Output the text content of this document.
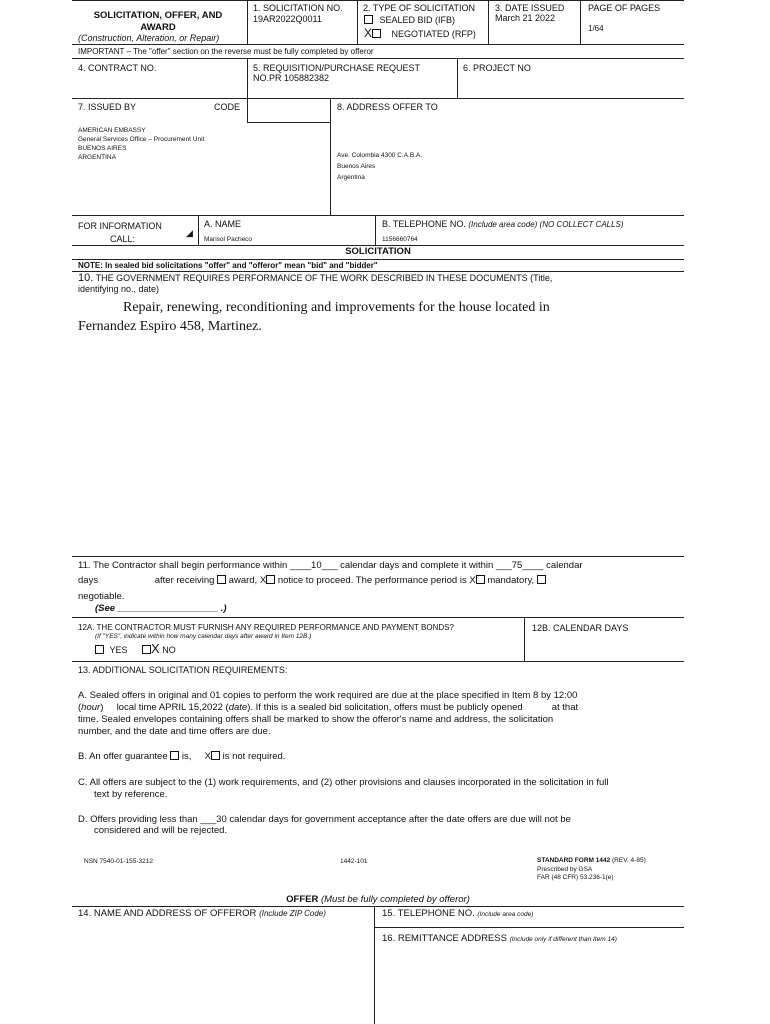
SOLICITATION, OFFER, AND
AWARD
(Construction, Alteration, or Repair)
1. SOLICITATION NO.
19AR2022Q0011
2. TYPE OF SOLICITATION
SEALED BID (IFB)
X NEGOTIATED (RFP)
3. DATE ISSUED
March 21 2022
PAGE OF PAGES
1/64
IMPORTANT – The "offer" section on the reverse must be fully completed by offeror
4. CONTRACT NO.	5. REQUISITION/PURCHASE REQUEST
NO.PR 105882382
6. PROJECT NO
7. ISSUED BY	CODE
AMERICAN EMBASSY
General Services Office – Procurement Unit
BUENOS AIRES
ARGENTINA
8. ADDRESS OFFER TO
Ave. Colombia 4300 C.A.B.A.
Buenos Aires
Argentina
FOR INFORMATION
CALL:
◢
A. NAME
Marisol Pacheco
B. TELEPHONE NO. (Include area code) (NO COLLECT CALLS)
1156660764
SOLICITATION
NOTE: In sealed bid solicitations "offer" and "offeror" mean "bid" and "bidder"
10. THE GOVERNMENT REQUIRES PERFORMANCE OF THE WORK DESCRIBED IN THESE DOCUMENTS (Title,
identifying no., date)
Repair, renewing, reconditioning and improvements for the house located in
Fernandez Espiro 458, Martinez.
11. The Contractor shall begin performance within ____10___ calendar days and complete it within ___75____ calendar
days	after receiving award, X notice to proceed. The performance period is X mandatory,
negotiable.
(See ___________________ .)
12A. THE CONTRACTOR MUST FURNISH ANY REQUIRED PERFORMANCE AND PAYMENT BONDS?
(If "YES", indicate within how many calendar days after award in Item 12B.)
YES X NO
12B. CALENDAR DAYS
13. ADDITIONAL SOLICITATION REQUIREMENTS:
A. Sealed offers in original and 01 copies to perform the work required are due at the place specified in Item 8 by 12:00
(hour)     local time APRIL 15,2022 (date). If this is a sealed bid solicitation, offers must be publicly opened	at that
time. Sealed envelopes containing offers shall be marked to show the offeror's name and address, the solicitation
number, and the date and time offers are due.
B. An offer guarantee is, X is not required.
C. All offers are subject to the (1) work requirements, and (2) other provisions and clauses incorporated in the solicitation in full
text by reference.
D. Offers providing less than ___30 calendar days for government acceptance after the date offers are due will not be
considered and will be rejected.
NSN 7540-01-155-3212	1442-101	STANDARD FORM 1442 (REV. 4-85)
Prescribed by GSA
FAR (48 CFR) 53.236-1(e)
OFFER (Must be fully completed by offeror)
14. NAME AND ADDRESS OF OFFEROR (Include ZIP Code)	15. TELEPHONE NO. (Include area code)
16. REMITTANCE ADDRESS (Include only if different than Item 14)
